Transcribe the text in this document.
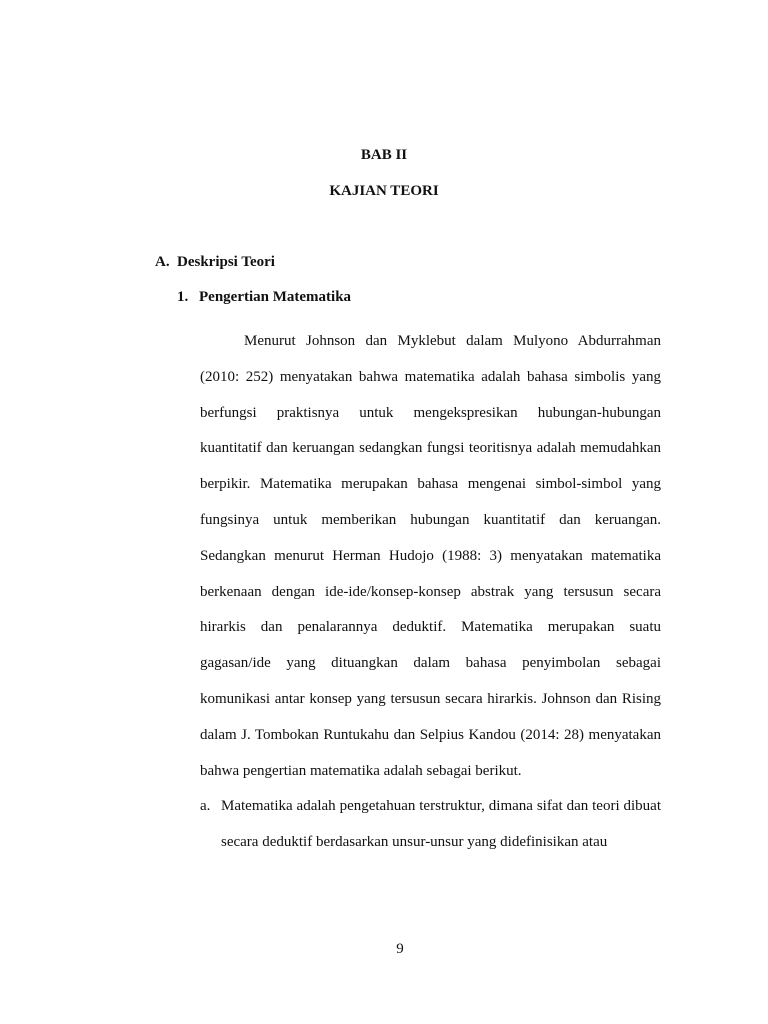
BAB II
KAJIAN TEORI
A. Deskripsi Teori
1. Pengertian Matematika

Menurut Johnson dan Myklebut dalam Mulyono Abdurrahman (2010: 252) menyatakan bahwa matematika adalah bahasa simbolis yang berfungsi praktisnya untuk mengekspresikan hubungan-hubungan kuantitatif dan keruangan sedangkan fungsi teoritisnya adalah memudahkan berpikir. Matematika merupakan bahasa mengenai simbol-simbol yang fungsinya untuk memberikan hubungan kuantitatif dan keruangan. Sedangkan menurut Herman Hudojo (1988: 3) menyatakan matematika berkenaan dengan ide-ide/konsep-konsep abstrak yang tersusun secara hirarkis dan penalarannya deduktif. Matematika merupakan suatu gagasan/ide yang dituangkan dalam bahasa penyimbolan sebagai komunikasi antar konsep yang tersusun secara hirarkis. Johnson dan Rising dalam J. Tombokan Runtukahu dan Selpius Kandou (2014: 28) menyatakan bahwa pengertian matematika adalah sebagai berikut.

a. Matematika adalah pengetahuan terstruktur, dimana sifat dan teori dibuat secara deduktif berdasarkan unsur-unsur yang didefinisikan atau
9
